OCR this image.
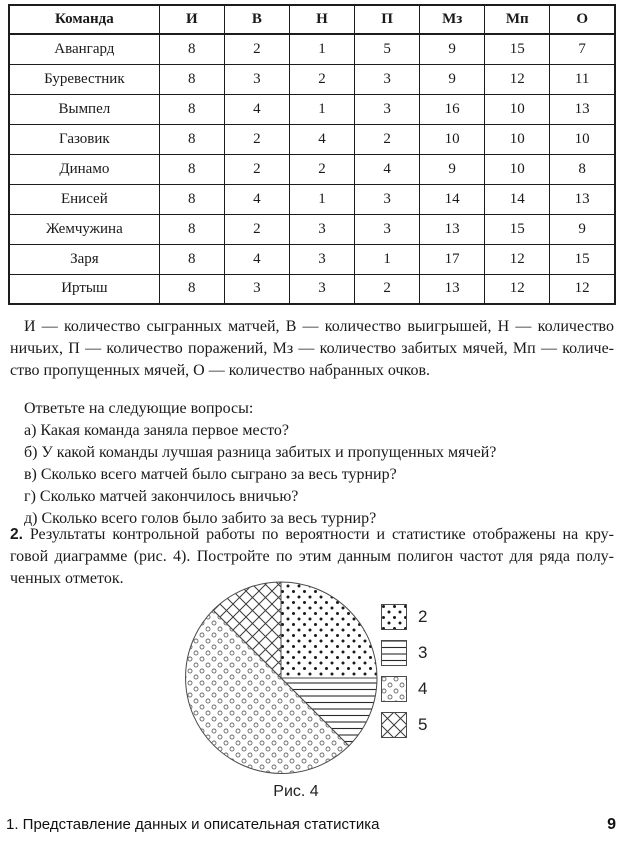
Команда	И	В	Н	П	Мз	Мп	О
Авангард	8	2	1	5	9	15	7
Буревестник	8	3	2	3	9	12	11
Вымпел	8	4	1	3	16	10	13
Газовик	8	2	4	2	10	10	10
Динамо	8	2	2	4	9	10	8
Енисей	8	4	1	3	14	14	13
Жемчужина	8	2	3	3	13	15	9
Заря	8	4	3	1	17	12	15
Иртыш	8	3	3	2	13	12	12

И — количество сыгранных матчей, В — количество выигрышей, Н — количество ничьих, П — количество поражений, Мз — количество забитых мячей, Мп — количество пропущенных мячей, О — количество набранных очков.

Ответьте на следующие вопросы:
а) Какая команда заняла первое место?
б) У какой команды лучшая разница забитых и пропущенных мячей?
в) Сколько всего матчей было сыграно за весь турнир?
г) Сколько матчей закончилось вничью?
д) Сколько всего голов было забито за весь турнир?

2. Результаты контрольной работы по вероятности и статистике отображены на круговой диаграмме (рис. 4). Постройте по этим данным полигон частот для ряда полученных отметок.

2
3
4
5
Рис. 4
1. Представление данных и описательная статистика	9
